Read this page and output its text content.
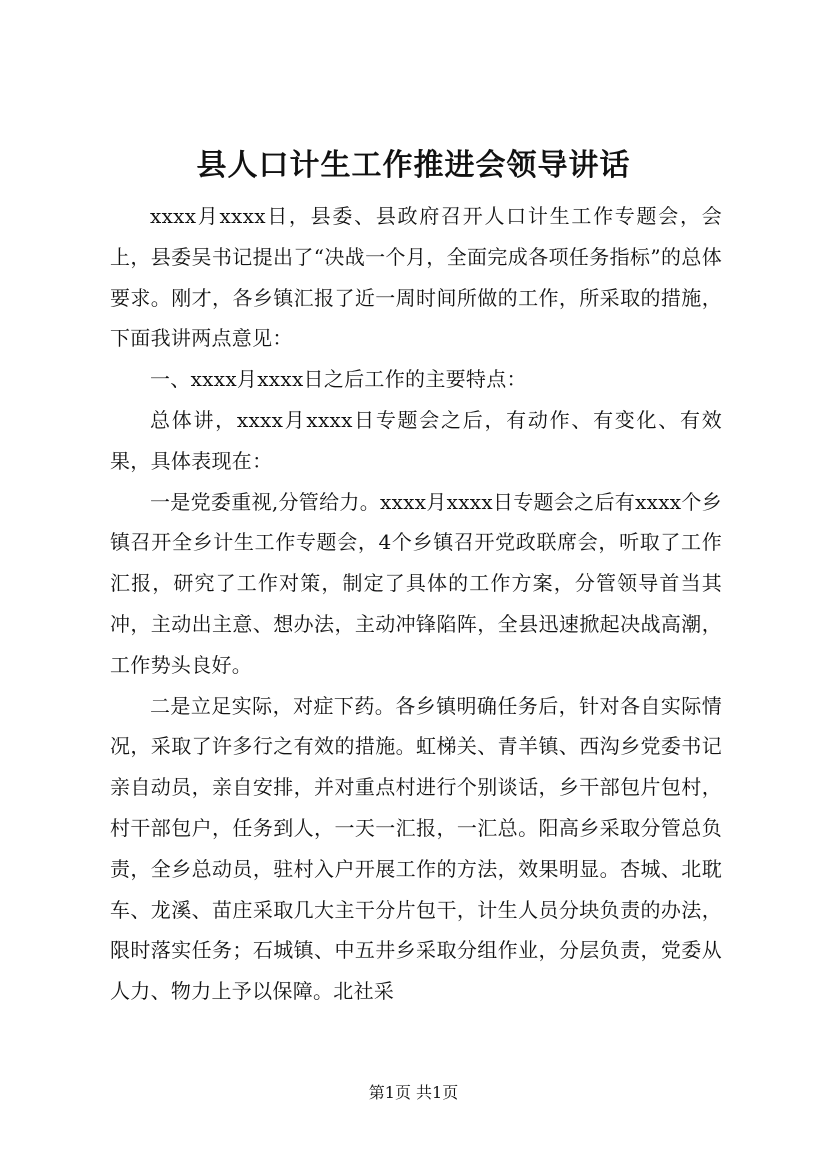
县人口计生工作推进会领导讲话

xxxx月xxxx日，县委、县政府召开人口计生工作专题会，会上，县委吴书记提出了“决战一个月，全面完成各项任务指标”的总体要求。刚才，各乡镇汇报了近一周时间所做的工作，所采取的措施，下面我讲两点意见：

一、xxxx月xxxx日之后工作的主要特点：

总体讲，xxxx月xxxx日专题会之后，有动作、有变化、有效果，具体表现在：

一是党委重视,分管给力。xxxx月xxxx日专题会之后有xxxx个乡镇召开全乡计生工作专题会，4个乡镇召开党政联席会，听取了工作汇报，研究了工作对策，制定了具体的工作方案，分管领导首当其冲，主动出主意、想办法，主动冲锋陷阵，全县迅速掀起决战高潮，工作势头良好。

二是立足实际，对症下药。各乡镇明确任务后，针对各自实际情况，采取了许多行之有效的措施。虹梯关、青羊镇、西沟乡党委书记亲自动员，亲自安排，并对重点村进行个别谈话，乡干部包片包村，村干部包户，任务到人，一天一汇报，一汇总。阳高乡采取分管总负责，全乡总动员，驻村入户开展工作的方法，效果明显。杏城、北耽车、龙溪、苗庄采取几大主干分片包干，计生人员分块负责的办法，限时落实任务；石城镇、中五井乡采取分组作业，分层负责，党委从人力、物力上予以保障。北社采

第1页 共1页
